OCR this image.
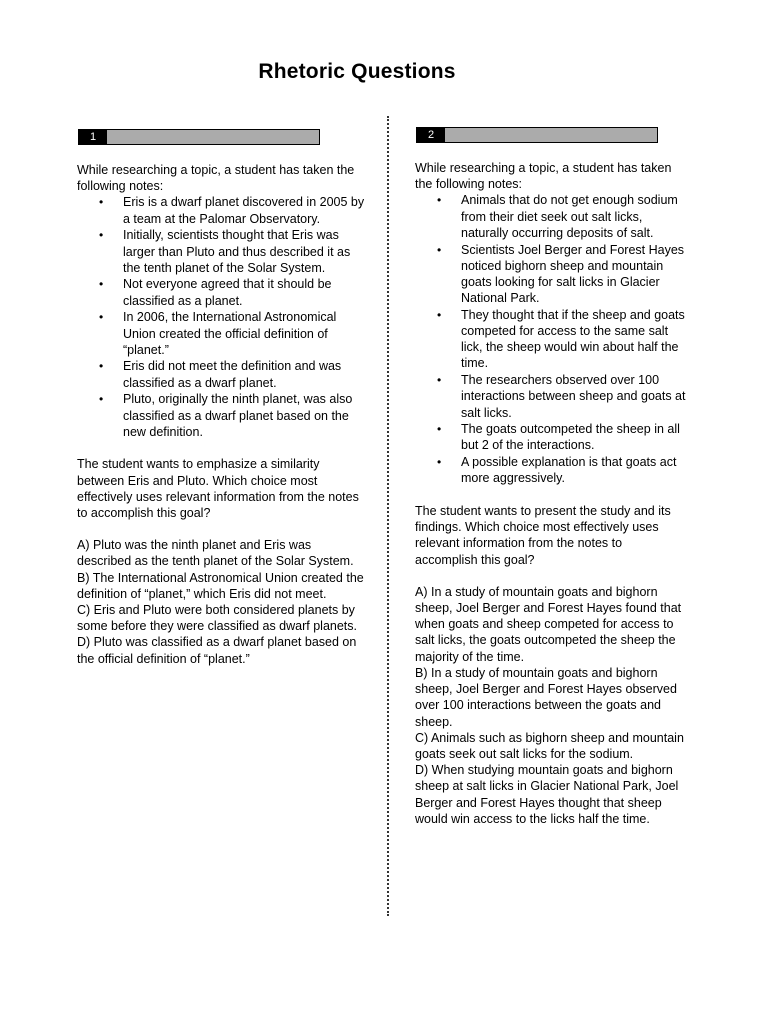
Rhetoric Questions
1	2

While researching a topic, a student has taken the following notes:

• Eris is a dwarf planet discovered in 2005 by a team at the Palomar Observatory.
• Initially, scientists thought that Eris was larger than Pluto and thus described it as the tenth planet of the Solar System.
• Not everyone agreed that it should be classified as a planet.
• In 2006, the International Astronomical Union created the official definition of “planet.”
• Eris did not meet the definition and was classified as a dwarf planet.
• Pluto, originally the ninth planet, was also classified as a dwarf planet based on the new definition.

The student wants to emphasize a similarity between Eris and Pluto. Which choice most effectively uses relevant information from the notes to accomplish this goal?

A) Pluto was the ninth planet and Eris was described as the tenth planet of the Solar System.
B) The International Astronomical Union created the definition of “planet,” which Eris did not meet.
C) Eris and Pluto were both considered planets by some before they were classified as dwarf planets.
D) Pluto was classified as a dwarf planet based on the official definition of “planet.”

While researching a topic, a student has taken the following notes:

• Animals that do not get enough sodium from their diet seek out salt licks, naturally occurring deposits of salt.
• Scientists Joel Berger and Forest Hayes noticed bighorn sheep and mountain goats looking for salt licks in Glacier National Park.
• They thought that if the sheep and goats competed for access to the same salt lick, the sheep would win about half the time.
• The researchers observed over 100 interactions between sheep and goats at salt licks.
• The goats outcompeted the sheep in all but 2 of the interactions.
• A possible explanation is that goats act more aggressively.

The student wants to present the study and its findings. Which choice most effectively uses relevant information from the notes to accomplish this goal?

A) In a study of mountain goats and bighorn sheep, Joel Berger and Forest Hayes found that when goats and sheep competed for access to salt licks, the goats outcompeted the sheep the majority of the time.
B) In a study of mountain goats and bighorn sheep, Joel Berger and Forest Hayes observed over 100 interactions between the goats and sheep.
C) Animals such as bighorn sheep and mountain goats seek out salt licks for the sodium.
D) When studying mountain goats and bighorn sheep at salt licks in Glacier National Park, Joel Berger and Forest Hayes thought that sheep would win access to the licks half the time.
